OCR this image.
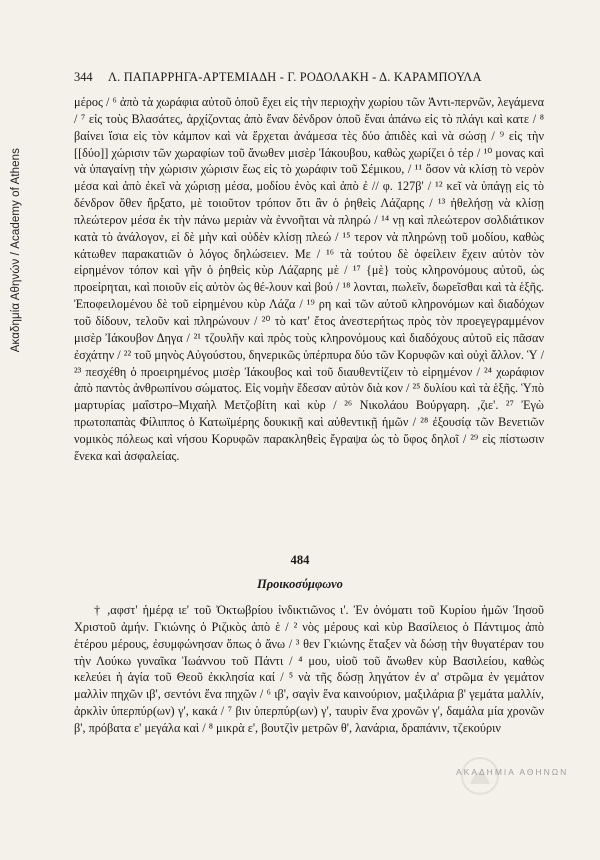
Ακαδημία Αθηνών / Academy of Athens
344 Λ. ΠΑΠΑΡΡΗΓΑ-ΑΡΤΕΜΙΑΔΗ - Γ. ΡΟΔΟΛΑΚΗ - Δ. ΚΑΡΑΜΠΟΥΛΑ
μέρος / ⁶ ἀπὸ τὰ χωράφια αὐτοῦ ὁποῦ ἔχει εἰς τὴν περιοχὴν χωρίου τῶν Ἀντι-περνῶν, λεγάμενα / ⁷ εἰς τοὺς Βλασάτες, ἀρχίζοντας ἀπὸ ἕναν δένδρον ὁποῦ ἔναι ἀπάνω εἰς τὸ πλάγι καὶ κατε / ⁸ βαίνει ἴσια εἰς τὸν κάμπον καὶ νὰ ἔρχεται ἀνάμεσα τὲς δύο ἀπιδὲς καὶ νὰ σώσῃ / ⁹ εἰς τὴν [[δύο]] χώρισιν τῶν χωραφίων τοῦ ἄνωθεν μισὲρ Ἰάκουβου, καθὼς χωρίζει ὁ τέρ / ¹⁰ μονας καὶ νὰ ὑπαγαίνῃ τὴν χώρισιν χώρισιν ἕως εἰς τὸ χωράφιν τοῦ Σέμικου, / ¹¹ ὅσον νὰ κλίσῃ τὸ νερὸν μέσα καὶ ἀπὸ ἐκεῖ νὰ χώρισῃ μέσα, μοδίου ἑνὸς καὶ ἀπὸ ἐ // φ. 127β' / ¹² κεῖ νὰ ὑπάγῃ εἰς τὸ δένδρον ὅθεν ἤρξατο, μὲ τοιοῦτον τρόπον ὅτι ἂν ὁ ῥηθεὶς Λάζαρης / ¹³ ἠθελήσῃ νὰ κλίσῃ πλεώτερον μέσα ἐκ τὴν πάνω μεριὰν νὰ ἐννοῆται νὰ πληρώ / ¹⁴ νῃ καὶ πλεώτερον σολδιάτικον κατὰ τὸ ἀνάλογον, εἰ δὲ μὴν καὶ οὐδὲν κλίσῃ πλεώ / ¹⁵ τερον νὰ πληρώνῃ τοῦ μοδίου, καθὼς κάτωθεν παρακατιῶν ὁ λόγος δηλώσειεν. Με / ¹⁶ τὰ τούτου δὲ ὀφείλειν ἔχειν αὐτὸν τὸν εἰρημένον τόπον καὶ γῆν ὁ ῥηθεὶς κὺρ Λάζαρης μὲ / ¹⁷ {μὲ} τοὺς κληρονόμους αὐτοῦ, ὡς προείρηται, καὶ ποιοῦν εἰς αὐτὸν ὡς θέ-λουν καὶ βού / ¹⁸ λονται, πωλεῖν, δωρεῖσθαι καὶ τὰ ἑξῆς. Ἐποφειλομένου δὲ τοῦ εἰρημένου κὺρ Λάζα / ¹⁹ ρη καὶ τῶν αὐτοῦ κληρονόμων καὶ διαδόχων τοῦ δίδουν, τελοῦν καὶ πληρώνουν / ²⁰ τὸ κατ' ἔτος ἀνεστερήτως πρὸς τὸν προεγεγραμμένον μισὲρ Ἰάκουβον Δηγα / ²¹ τζουλῆν καὶ πρὸς τοὺς κληρονόμους καὶ διαδόχους αὐτοῦ εἰς πᾶσαν ἐσχάτην / ²² τοῦ μηνὸς Αὐγούστου, δηνερικῶς ὑπέρπυρα δύο τῶν Κορυφῶν καὶ οὐχὶ ἄλλον. Ὑ / ²³ πεσχέθη ὁ προειρημένος μισὲρ Ἰάκουβος καὶ τοῦ διαυθεντίζειν τὸ εἰρημένον / ²⁴ χωράφιον ἀπὸ παντὸς ἀνθρωπίνου σώματος. Εἰς νομὴν ἔδεσαν αὐτὸν διὰ κον / ²⁵ δυλίου καὶ τὰ ἑξῆς. Ὑπὸ μαρτυρίας μαΐστρο–Μιχαὴλ Μετζοβίτη καὶ κὺρ / ²⁶ Νικολάου Βούργαρη. ,ζιε'. ²⁷ Ἐγὼ πρωτοπαπὰς Φίλιππος ὁ Κατωϊμέρης δουκικῇ καὶ αὐθεντικῇ ἡμῶν / ²⁸ ἐξουσίᾳ τῶν Βενετιῶν νομικὸς πόλεως καὶ νήσου Κορυφῶν παρακληθεὶς ἔγραψα ὡς τὸ ὕφος δηλοῖ / ²⁹ εἰς πίστωσιν ἕνεκα καὶ ἀσφαλείας.
484
Προικοσύμφωνο
† ,αφστ' ἡμέρᾳ ιε' τοῦ Ὀκτωβρίου ἰνδικτιῶνος ι'. Ἐν ὀνόματι τοῦ Κυρίου ἡμῶν Ἰησοῦ Χριστοῦ ἀμήν. Γκιώνης ὁ Ριζικὸς ἀπὸ ἑ / ² νὸς μέρους καὶ κὺρ Βασίλειος ὁ Πάντιμος ἀπὸ ἑτέρου μέρους, ἐσυμφώνησαν ὅπως ὁ ἄνω / ³ θεν Γκιώνης ἔταξεν νὰ δώσῃ τὴν θυγατέραν του τὴν Λούκω γυναῖκα Ἰωάννου τοῦ Πάντι / ⁴ μου, υἱοῦ τοῦ ἄνωθεν κὺρ Βασιλείου, καθὼς κελεύει ἡ ἁγία τοῦ Θεοῦ ἐκκλησία καί / ⁵ νὰ τῆς δώσῃ ληγάτον ἐν α' στρῶμα ἐν γεμάτον μαλλὶν πηχῶν ιβ', σεντόνι ἕνα πηχῶν / ⁶ ιβ', σαγὶν ἕνα καινούριον, μαξιλάρια β' γεμάτα μαλλίν, ἀρκλὶν ὑπερπύρ(ων) γ', κακά / ⁷ βιν ὑπερπύρ(ων) γ', ταυρὶν ἕνα χρονῶν γ', δαμάλα μία χρονῶν β', πρόβατα ε' μεγάλα καὶ / ⁸ μικρὰ ε', βουτζὶν μετρῶν θ', λανάρια, δραπάνιν, τζεκούριν
ΑΚΑΔΗΜΙΑ ΑΘΗΝΩΝ
